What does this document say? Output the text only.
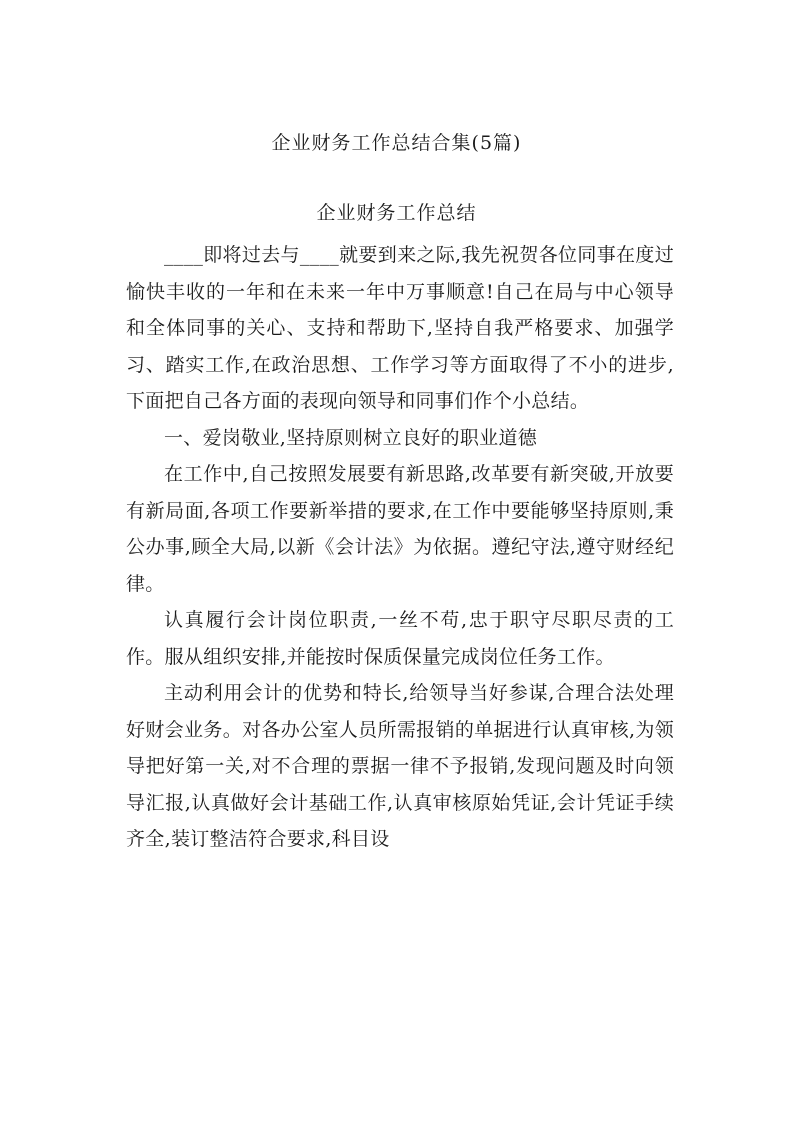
企业财务工作总结合集(5篇)
企业财务工作总结

____即将过去与____就要到来之际,我先祝贺各位同事在度过愉快丰收的一年和在未来一年中万事顺意!自己在局与中心领导和全体同事的关心、支持和帮助下,坚持自我严格要求、加强学习、踏实工作,在政治思想、工作学习等方面取得了不小的进步,下面把自己各方面的表现向领导和同事们作个小总结。

一、爱岗敬业,坚持原则树立良好的职业道德

在工作中,自己按照发展要有新思路,改革要有新突破,开放要有新局面,各项工作要新举措的要求,在工作中要能够坚持原则,秉公办事,顾全大局,以新《会计法》为依据。遵纪守法,遵守财经纪律。

认真履行会计岗位职责,一丝不苟,忠于职守尽职尽责的工作。服从组织安排,并能按时保质保量完成岗位任务工作。

主动利用会计的优势和特长,给领导当好参谋,合理合法处理好财会业务。对各办公室人员所需报销的单据进行认真审核,为领导把好第一关,对不合理的票据一律不予报销,发现问题及时向领导汇报,认真做好会计基础工作,认真审核原始凭证,会计凭证手续齐全,装订整洁符合要求,科目设
